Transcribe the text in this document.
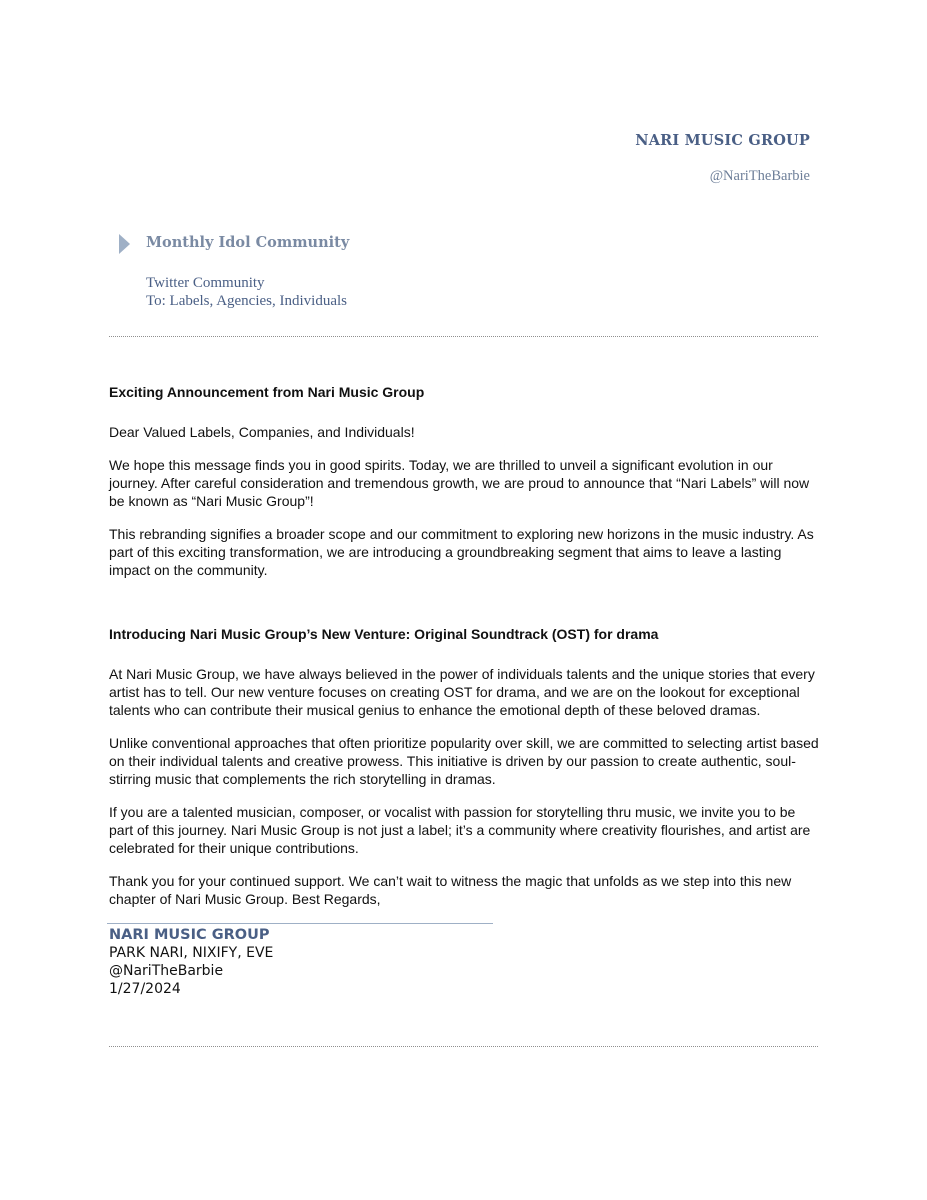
NARI MUSIC GROUP
@NariTheBarbie
Monthly Idol Community
Twitter Community
To: Labels, Agencies, Individuals
Exciting Announcement from Nari Music Group
Dear Valued Labels, Companies, and Individuals!
We hope this message finds you in good spirits. Today, we are thrilled to unveil a significant evolution in our journey. After careful consideration and tremendous growth, we are proud to announce that “Nari Labels” will now be known as “Nari Music Group”!
This rebranding signifies a broader scope and our commitment to exploring new horizons in the music industry. As part of this exciting transformation, we are introducing a groundbreaking segment that aims to leave a lasting impact on the community.
Introducing Nari Music Group’s New Venture: Original Soundtrack (OST) for drama
At Nari Music Group, we have always believed in the power of individuals talents and the unique stories that every artist has to tell. Our new venture focuses on creating OST for drama, and we are on the lookout for exceptional talents who can contribute their musical genius to enhance the emotional depth of these beloved dramas.
Unlike conventional approaches that often prioritize popularity over skill, we are committed to selecting artist based on their individual talents and creative prowess. This initiative is driven by our passion to create authentic, soul-stirring music that complements the rich storytelling in dramas.
If you are a talented musician, composer, or vocalist with passion for storytelling thru music, we invite you to be part of this journey. Nari Music Group is not just a label; it’s a community where creativity flourishes, and artist are celebrated for their unique contributions.
Thank you for your continued support. We can’t wait to witness the magic that unfolds as we step into this new chapter of Nari Music Group. Best Regards,
NARI MUSIC GROUP
PARK NARI, NIXIFY, EVE
@NariTheBarbie
1/27/2024
